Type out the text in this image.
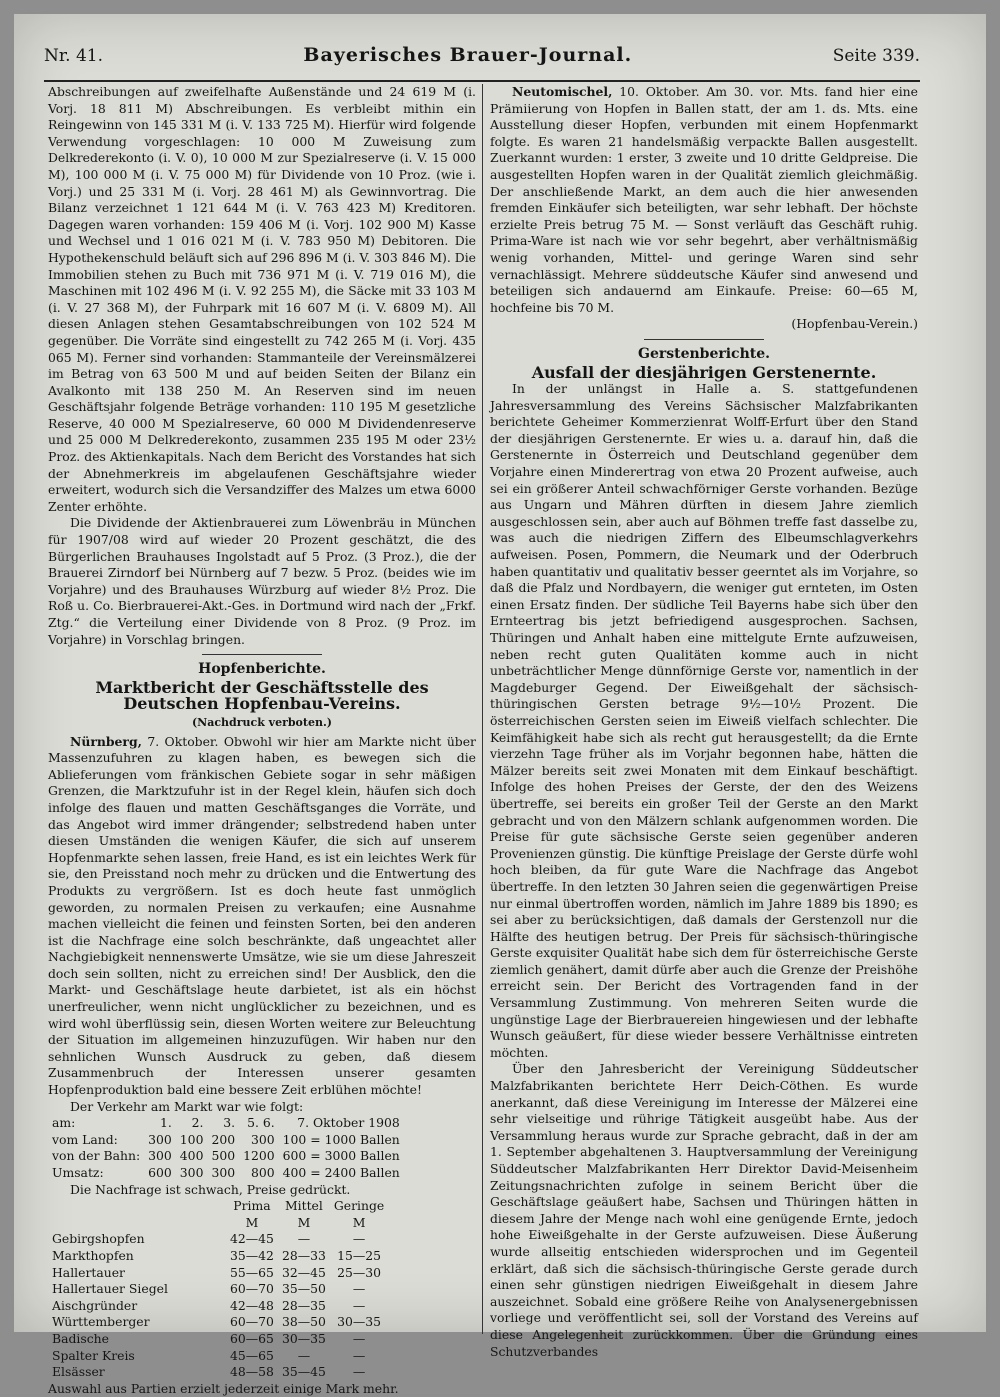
Nr. 41.	Bayerisches Brauer-Journal.	Seite 339.

Abschreibungen auf zweifelhafte Außenstände und 24 619 M (i. Vorj. 18 811 M) Abschreibungen. Es verbleibt mithin ein Reingewinn von 145 331 M (i. V. 133 725 M). Hierfür wird folgende Verwendung vorgeschlagen: 10 000 M Zuweisung zum Delkrederekonto (i. V. 0), 10 000 M zur Spezialreserve (i. V. 15 000 M), 100 000 M (i. V. 75 000 M) für Dividende von 10 Proz. (wie i. Vorj.) und 25 331 M (i. Vorj. 28 461 M) als Gewinnvortrag. Die Bilanz verzeichnet 1 121 644 M (i. V. 763 423 M) Kreditoren. Dagegen waren vorhanden: 159 406 M (i. Vorj. 102 900 M) Kasse und Wechsel und 1 016 021 M (i. V. 783 950 M) Debitoren. Die Hypothekenschuld beläuft sich auf 296 896 M (i. V. 303 846 M). Die Immobilien stehen zu Buch mit 736 971 M (i. V. 719 016 M), die Maschinen mit 102 496 M (i. V. 92 255 M), die Säcke mit 33 103 M (i. V. 27 368 M), der Fuhrpark mit 16 607 M (i. V. 6809 M). All diesen Anlagen stehen Gesamtabschreibungen von 102 524 M gegenüber. Die Vorräte sind eingestellt zu 742 265 M (i. Vorj. 435 065 M). Ferner sind vorhanden: Stammanteile der Vereinsmälzerei im Betrag von 63 500 M und auf beiden Seiten der Bilanz ein Avalkonto mit 138 250 M. An Reserven sind im neuen Geschäftsjahr folgende Beträge vorhanden: 110 195 M gesetzliche Reserve, 40 000 M Spezialreserve, 60 000 M Dividendenreserve und 25 000 M Delkrederekonto, zusammen 235 195 M oder 23½ Proz. des Aktienkapitals. Nach dem Bericht des Vorstandes hat sich der Abnehmerkreis im abgelaufenen Geschäftsjahre wieder erweitert, wodurch sich die Versandziffer des Malzes um etwa 6000 Zenter erhöhte.

Die Dividende der Aktienbrauerei zum Löwenbräu in München für 1907/08 wird auf wieder 20 Prozent geschätzt, die des Bürgerlichen Brauhauses Ingolstadt auf 5 Proz. (3 Proz.), die der Brauerei Zirndorf bei Nürnberg auf 7 bezw. 5 Proz. (beides wie im Vorjahre) und des Brauhauses Würzburg auf wieder 8½ Proz. Die Roß u. Co. Bierbrauerei-Akt.-Ges. in Dortmund wird nach der „Frkf. Ztg.“ die Verteilung einer Dividende von 8 Proz. (9 Proz. im Vorjahre) in Vorschlag bringen.

Hopfenberichte.
Marktbericht der Geschäftsstelle des Deutschen Hopfenbau-Vereins.
(Nachdruck verboten.)

Nürnberg, 7. Oktober. Obwohl wir hier am Markte nicht über Massenzufuhren zu klagen haben, es bewegen sich die Ablieferungen vom fränkischen Gebiete sogar in sehr mäßigen Grenzen, die Marktzufuhr ist in der Regel klein, häufen sich doch infolge des flauen und matten Geschäftsganges die Vorräte, und das Angebot wird immer drängender; selbstredend haben unter diesen Umständen die wenigen Käufer, die sich auf unserem Hopfenmarkte sehen lassen, freie Hand, es ist ein leichtes Werk für sie, den Preisstand noch mehr zu drücken und die Entwertung des Produkts zu vergrößern. Ist es doch heute fast unmöglich geworden, zu normalen Preisen zu verkaufen; eine Ausnahme machen vielleicht die feinen und feinsten Sorten, bei den anderen ist die Nachfrage eine solch beschränkte, daß ungeachtet aller Nachgiebigkeit nennenswerte Umsätze, wie sie um diese Jahreszeit doch sein sollten, nicht zu erreichen sind! Der Ausblick, den die Markt- und Geschäftslage heute darbietet, ist als ein höchst unerfreulicher, wenn nicht unglücklicher zu bezeichnen, und es wird wohl überflüssig sein, diesen Worten weitere zur Beleuchtung der Situation im allgemeinen hinzuzufügen. Wir haben nur den sehnlichen Wunsch Ausdruck zu geben, daß diesem Zusammenbruch der Interessen unserer gesamten Hopfenproduktion bald eine bessere Zeit erblühen möchte!

Der Verkehr am Markt war wie folgt:

am:	1.	2.	3.	5. 6.	7. Oktober 1908	
vom Land:	300	100	200	300	100 = 1000 Ballen	
von der Bahn:	300	400	500	1200	600 = 3000 Ballen	
Umsatz:	600	300	300	800	400 = 2400 Ballen	

Die Nachfrage ist schwach, Preise gedrückt.

	Prima	Mittel	Geringe
	M	M	M
Gebirgshopfen	42—45	—	—
Markthopfen	35—42	28—33	15—25
Hallertauer	55—65	32—45	25—30
Hallertauer Siegel	60—70	35—50	—
Aischgründer	42—48	28—35	—
Württemberger	60—70	38—50	30—35
Badische	60—65	30—35	—
Spalter Kreis	45—65	—	—
Elsässer	48—58	35—45	—

Auswahl aus Partien erzielt jederzeit einige Mark mehr.

Neutomischel, 10. Oktober. Am 30. vor. Mts. fand hier eine Prämiierung von Hopfen in Ballen statt, der am 1. ds. Mts. eine Ausstellung dieser Hopfen, verbunden mit einem Hopfenmarkt folgte. Es waren 21 handelsmäßig verpackte Ballen ausgestellt. Zuerkannt wurden: 1 erster, 3 zweite und 10 dritte Geldpreise. Die ausgestellten Hopfen waren in der Qualität ziemlich gleichmäßig. Der anschließende Markt, an dem auch die hier anwesenden fremden Einkäufer sich beteiligten, war sehr lebhaft. Der höchste erzielte Preis betrug 75 M. — Sonst verläuft das Geschäft ruhig. Prima-Ware ist nach wie vor sehr begehrt, aber verhältnismäßig wenig vorhanden, Mittel- und geringe Waren sind sehr vernachlässigt. Mehrere süddeutsche Käufer sind anwesend und beteiligen sich andauernd am Einkaufe. Preise: 60—65 M, hochfeine bis 70 M.

(Hopfenbau-Verein.)

Gerstenberichte.
Ausfall der diesjährigen Gerstenernte.

In der unlängst in Halle a. S. stattgefundenen Jahresversammlung des Vereins Sächsischer Malzfabrikanten berichtete Geheimer Kommerzienrat Wolff-Erfurt über den Stand der diesjährigen Gerstenernte. Er wies u. a. darauf hin, daß die Gerstenernte in Österreich und Deutschland gegenüber dem Vorjahre einen Minderertrag von etwa 20 Prozent aufweise, auch sei ein größerer Anteil schwachförniger Gerste vorhanden. Bezüge aus Ungarn und Mähren dürften in diesem Jahre ziemlich ausgeschlossen sein, aber auch auf Böhmen treffe fast dasselbe zu, was auch die niedrigen Ziffern des Elbeumschlagverkehrs aufweisen. Posen, Pommern, die Neumark und der Oderbruch haben quantitativ und qualitativ besser geerntet als im Vorjahre, so daß die Pfalz und Nordbayern, die weniger gut ernteten, im Osten einen Ersatz finden. Der südliche Teil Bayerns habe sich über den Ernteertrag bis jetzt befriedigend ausgesprochen. Sachsen, Thüringen und Anhalt haben eine mittelgute Ernte aufzuweisen, neben recht guten Qualitäten komme auch in nicht unbeträchtlicher Menge dünnförnige Gerste vor, namentlich in der Magdeburger Gegend. Der Eiweißgehalt der sächsisch-thüringischen Gersten betrage 9½—10½ Prozent. Die österreichischen Gersten seien im Eiweiß vielfach schlechter. Die Keimfähigkeit habe sich als recht gut herausgestellt; da die Ernte vierzehn Tage früher als im Vorjahr begonnen habe, hätten die Mälzer bereits seit zwei Monaten mit dem Einkauf beschäftigt. Infolge des hohen Preises der Gerste, der den des Weizens übertreffe, sei bereits ein großer Teil der Gerste an den Markt gebracht und von den Mälzern schlank aufgenommen worden. Die Preise für gute sächsische Gerste seien gegenüber anderen Provenienzen günstig. Die künftige Preislage der Gerste dürfe wohl hoch bleiben, da für gute Ware die Nachfrage das Angebot übertreffe. In den letzten 30 Jahren seien die gegenwärtigen Preise nur einmal übertroffen worden, nämlich im Jahre 1889 bis 1890; es sei aber zu berücksichtigen, daß damals der Gerstenzoll nur die Hälfte des heutigen betrug. Der Preis für sächsisch-thüringische Gerste exquisiter Qualität habe sich dem für österreichische Gerste ziemlich genähert, damit dürfe aber auch die Grenze der Preishöhe erreicht sein. Der Bericht des Vortragenden fand in der Versammlung Zustimmung. Von mehreren Seiten wurde die ungünstige Lage der Bierbrauereien hingewiesen und der lebhafte Wunsch geäußert, für diese wieder bessere Verhältnisse eintreten möchten.

Über den Jahresbericht der Vereinigung Süddeutscher Malzfabrikanten berichtete Herr Deich-Cöthen. Es wurde anerkannt, daß diese Vereinigung im Interesse der Mälzerei eine sehr vielseitige und rührige Tätigkeit ausgeübt habe. Aus der Versammlung heraus wurde zur Sprache gebracht, daß in der am 1. September abgehaltenen 3. Hauptversammlung der Vereinigung Süddeutscher Malzfabrikanten Herr Direktor David-Meisenheim Zeitungsnachrichten zufolge in seinem Bericht über die Geschäftslage geäußert habe, Sachsen und Thüringen hätten in diesem Jahre der Menge nach wohl eine genügende Ernte, jedoch hohe Eiweißgehalte in der Gerste aufzuweisen. Diese Äußerung wurde allseitig entschieden widersprochen und im Gegenteil erklärt, daß sich die sächsisch-thüringische Gerste gerade durch einen sehr günstigen niedrigen Eiweißgehalt in diesem Jahre auszeichnet. Sobald eine größere Reihe von Analysenergebnissen vorliege und veröffentlicht sei, soll der Vorstand des Vereins auf diese Angelegenheit zurückkommen. Über die Gründung eines Schutzverbandes
